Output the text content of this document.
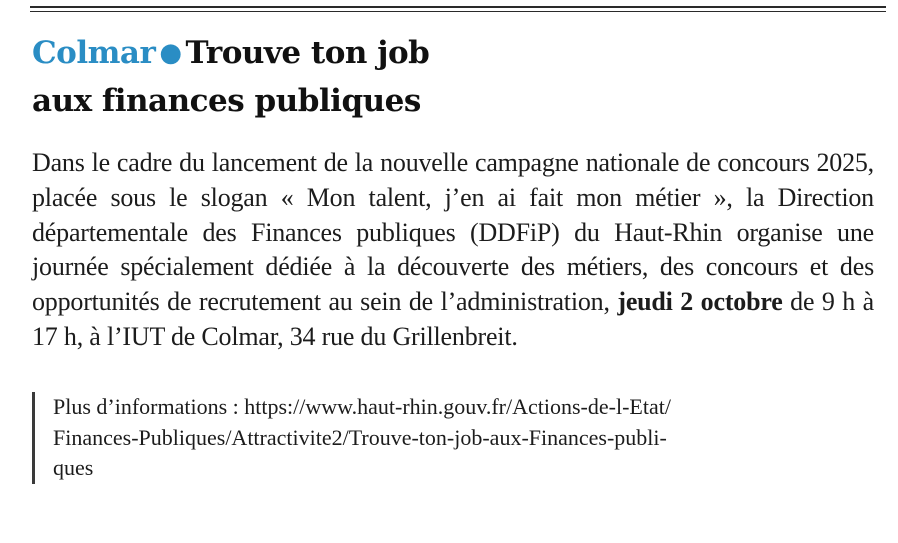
Colmar ● Trouve ton job
aux finances publiques

Dans le cadre du lancement de la nouvelle campagne nationale de concours 2025, placée sous le slogan « Mon talent, j’en ai fait mon métier », la Direction départementale des Finances publiques (DDFiP) du Haut-Rhin organise une journée spécialement dédiée à la découverte des métiers, des concours et des opportunités de recrutement au sein de l’administration, jeudi 2 octobre de 9 h à 17 h, à l’IUT de Colmar, 34 rue du Grillenbreit.

Plus d’informations : https://www.haut-rhin.gouv.fr/Actions-de-l-Etat/
Finances-Publiques/Attractivite2/Trouve-ton-job-aux-Finances-publi-
ques
